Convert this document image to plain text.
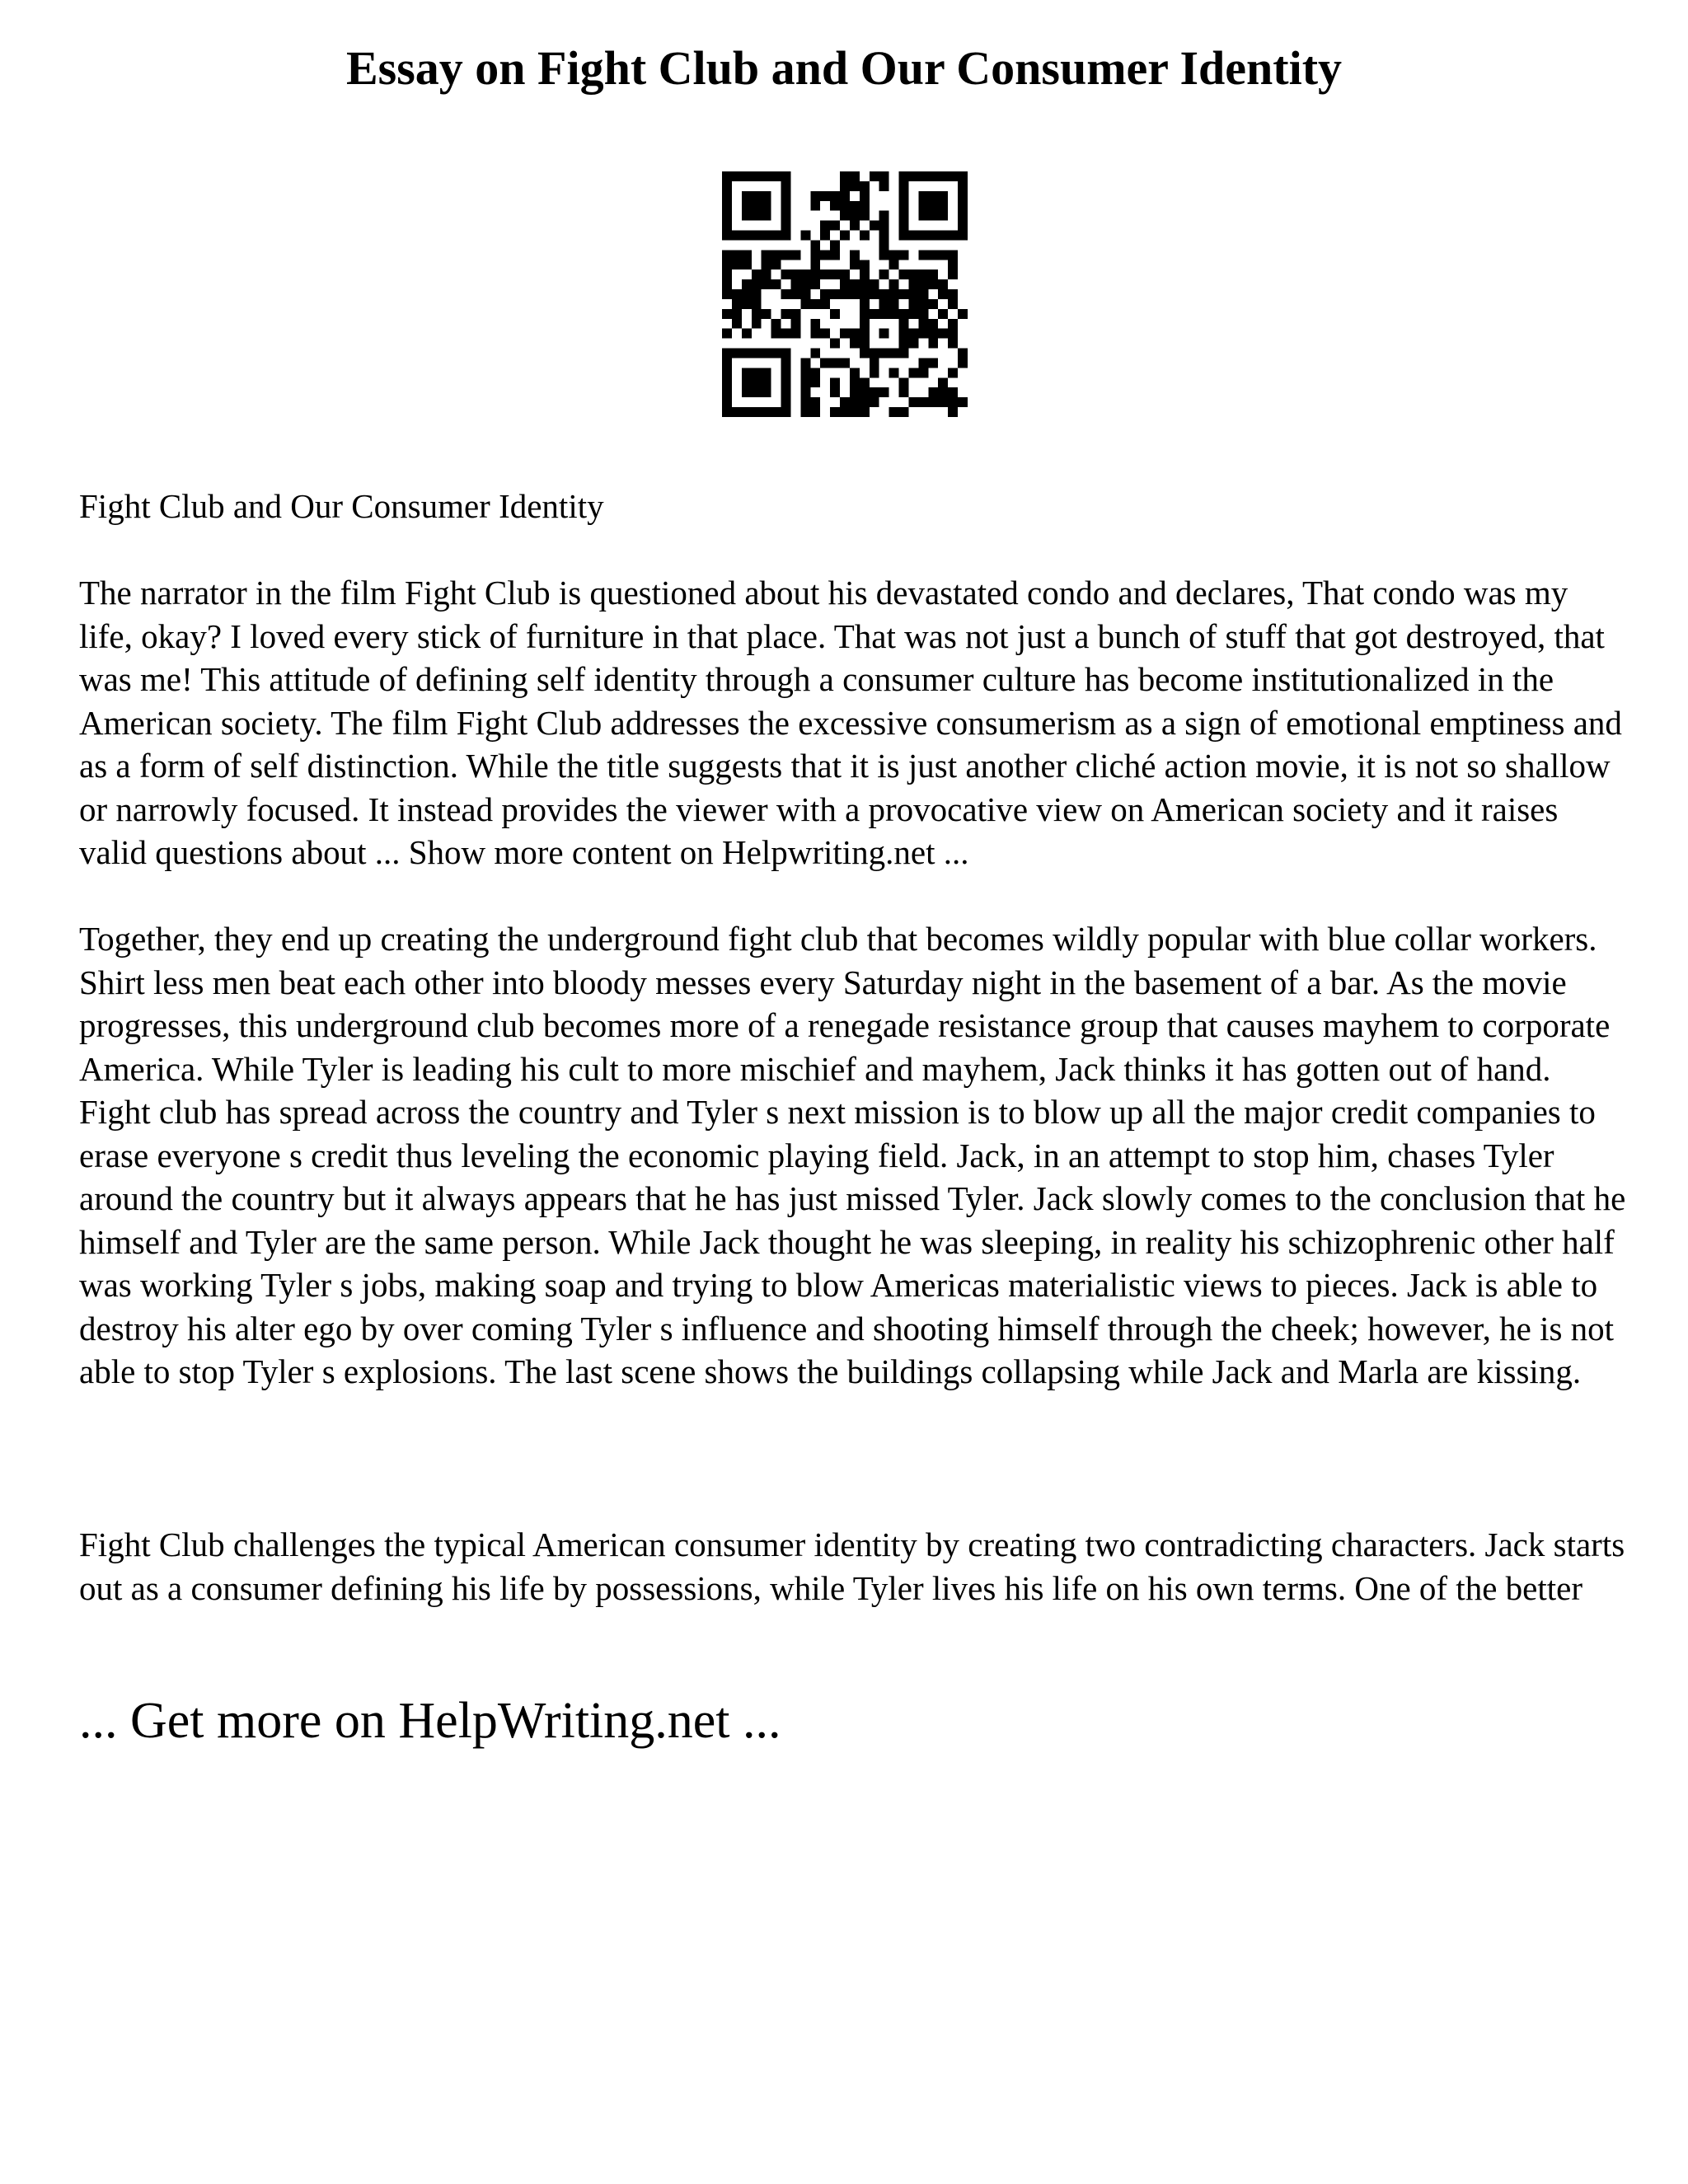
Essay on Fight Club and Our Consumer Identity

Fight Club and Our Consumer Identity

The narrator in the film Fight Club is questioned about his devastated condo and declares, That condo was my life, okay? I loved every stick of furniture in that place. That was not just a bunch of stuff that got destroyed, that was me! This attitude of defining self identity through a consumer culture has become institutionalized in the American society. The film Fight Club addresses the excessive consumerism as a sign of emotional emptiness and as a form of self distinction. While the title suggests that it is just another cliché action movie, it is not so shallow or narrowly focused. It instead provides the viewer with a provocative view on American society and it raises valid questions about ... Show more content on Helpwriting.net ...

Together, they end up creating the underground fight club that becomes wildly popular with blue collar workers. Shirt less men beat each other into bloody messes every Saturday night in the basement of a bar. As the movie progresses, this underground club becomes more of a renegade resistance group that causes mayhem to corporate America. While Tyler is leading his cult to more mischief and mayhem, Jack thinks it has gotten out of hand. Fight club has spread across the country and Tyler s next mission is to blow up all the major credit companies to erase everyone s credit thus leveling the economic playing field. Jack, in an attempt to stop him, chases Tyler around the country but it always appears that he has just missed Tyler. Jack slowly comes to the conclusion that he himself and Tyler are the same person. While Jack thought he was sleeping, in reality his schizophrenic other half was working Tyler s jobs, making soap and trying to blow Americas materialistic views to pieces. Jack is able to destroy his alter ego by over coming Tyler s influence and shooting himself through the cheek; however, he is not able to stop Tyler s explosions. The last scene shows the buildings collapsing while Jack and Marla are kissing.

Fight Club challenges the typical American consumer identity by creating two contradicting characters. Jack starts out as a consumer defining his life by possessions, while Tyler lives his life on his own terms. One of the better

... Get more on HelpWriting.net ...
